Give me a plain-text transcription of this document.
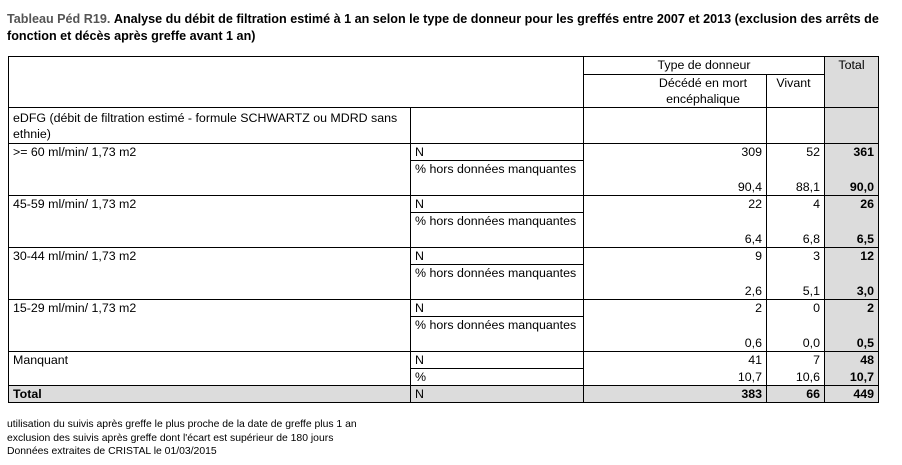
Tableau Péd R19. Analyse du débit de filtration estimé à 1 an selon le type de donneur pour les greffés entre 2007 et 2013 (exclusion des arrêts de fonction et décès après greffe avant 1 an)
		Type de donneur		Total
		Décédé en mort encéphalique	Vivant	
eDFG (débit de filtration estimé - formule SCHWARTZ ou MDRD sans ethnie)				
>= 60 ml/min/ 1,73 m2	N	309	52	361
	% hors données manquantes	90,4	88,1	90,0
45-59 ml/min/ 1,73 m2	N	22	4	26
	% hors données manquantes	6,4	6,8	6,5
30-44 ml/min/ 1,73 m2	N	9	3	12
	% hors données manquantes	2,6	5,1	3,0
15-29 ml/min/ 1,73 m2	N	2	0	2
	% hors données manquantes	0,6	0,0	0,5
Manquant	N	41	7	48
	%	10,7	10,6	10,7
Total	N	383	66	449
utilisation du suivis après greffe le plus proche de la date de greffe plus 1 an
exclusion des suivis après greffe dont l'écart est supérieur de 180 jours
Données extraites de CRISTAL le 01/03/2015
